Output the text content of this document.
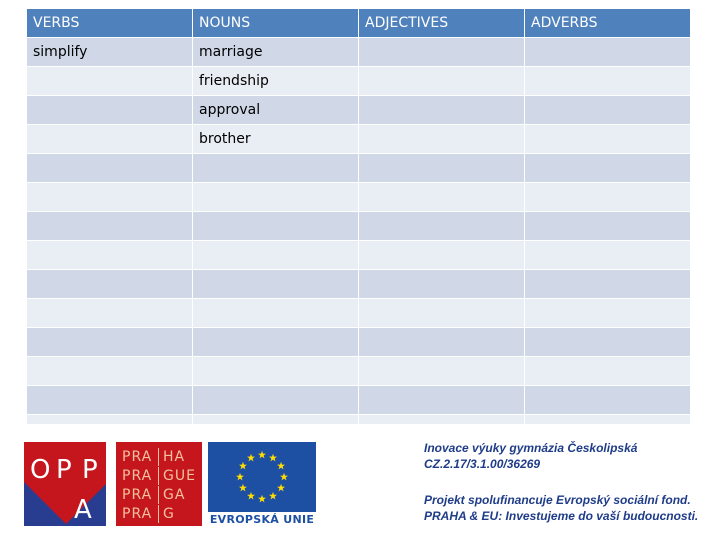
VERBS	NOUNS	ADJECTIVES	ADVERBS
simplify	marriage		
	friendship		
	approval		
	brother		

O P P
A
PRA HA
PRA GUE
PRA GA
PRA G	EVROPSKÁ UNIE
Inovace výuky gymnázia Českolipská
CZ.2.17/3.1.00/36269
Projekt spolufinancuje Evropský sociální fond.
PRAHA & EU: Investujeme do vaší budoucnosti.
